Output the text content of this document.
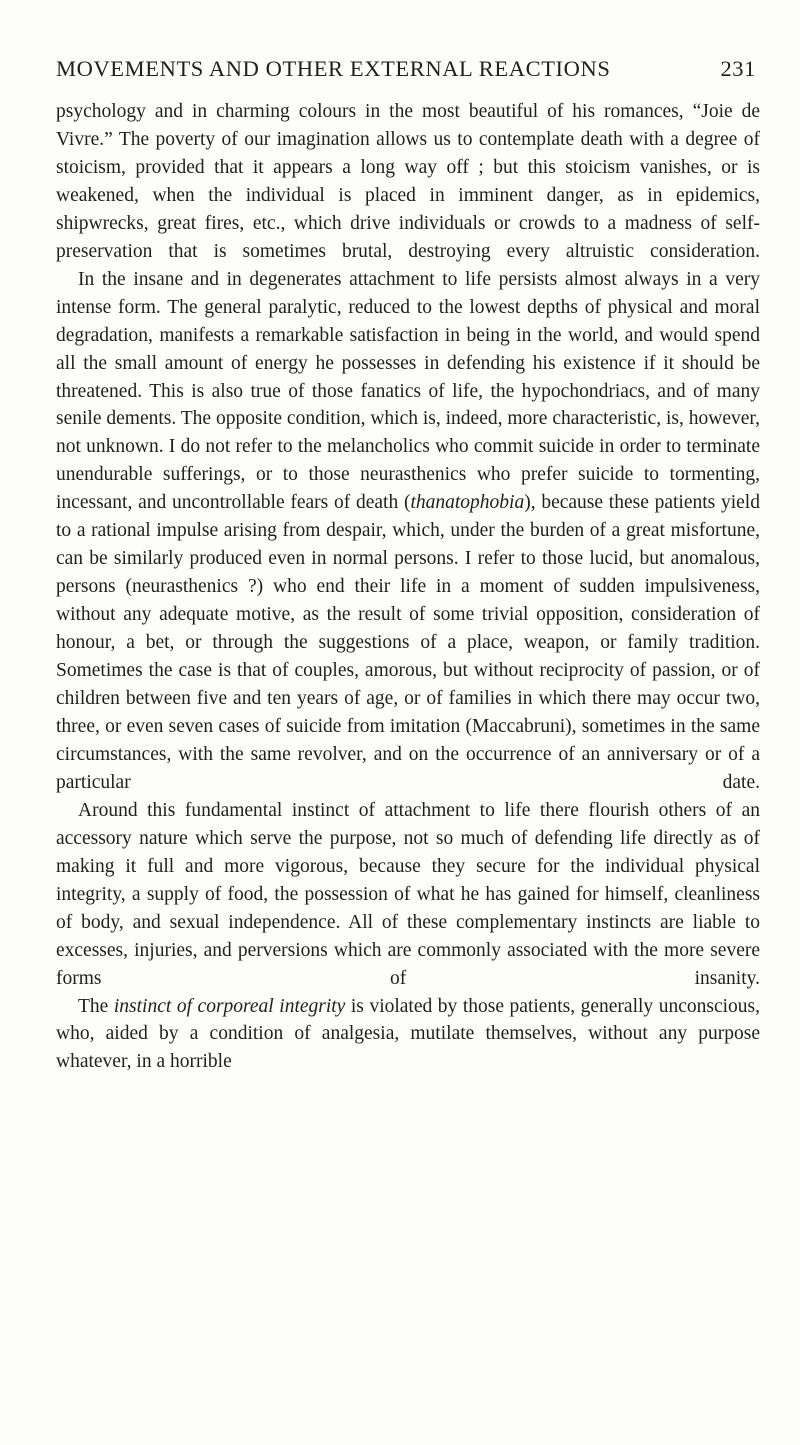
MOVEMENTS AND OTHER EXTERNAL REACTIONS	231

psychology and in charming colours in the most beautiful of his romances, “Joie de Vivre.” The poverty of our imagination allows us to contemplate death with a degree of stoicism, provided that it appears a long way off ; but this stoicism vanishes, or is weakened, when the individual is placed in imminent danger, as in epidemics, shipwrecks, great fires, etc., which drive individuals or crowds to a madness of self-preservation that is sometimes brutal, destroying every altruistic consideration.

In the insane and in degenerates attachment to life persists almost always in a very intense form. The general paralytic, reduced to the lowest depths of physical and moral degradation, manifests a remarkable satisfaction in being in the world, and would spend all the small amount of energy he possesses in defending his existence if it should be threatened. This is also true of those fanatics of life, the hypochondriacs, and of many senile dements. The opposite condition, which is, indeed, more characteristic, is, however, not unknown. I do not refer to the melancholics who commit suicide in order to terminate unendurable sufferings, or to those neurasthenics who prefer suicide to tormenting, incessant, and uncontrollable fears of death (thanatophobia), because these patients yield to a rational impulse arising from despair, which, under the burden of a great misfortune, can be similarly produced even in normal persons. I refer to those lucid, but anomalous, persons (neurasthenics ?) who end their life in a moment of sudden impulsiveness, without any adequate motive, as the result of some trivial opposition, consideration of honour, a bet, or through the suggestions of a place, weapon, or family tradition. Sometimes the case is that of couples, amorous, but without reciprocity of passion, or of children between five and ten years of age, or of families in which there may occur two, three, or even seven cases of suicide from imitation (Maccabruni), sometimes in the same circumstances, with the same revolver, and on the occurrence of an anniversary or of a particular date.

Around this fundamental instinct of attachment to life there flourish others of an accessory nature which serve the purpose, not so much of defending life directly as of making it full and more vigorous, because they secure for the individual physical integrity, a supply of food, the possession of what he has gained for himself, cleanliness of body, and sexual independence. All of these complementary instincts are liable to excesses, injuries, and perversions which are commonly associated with the more severe forms of insanity.

The instinct of corporeal integrity is violated by those patients, generally unconscious, who, aided by a condition of analgesia, mutilate themselves, without any purpose whatever, in a horrible
